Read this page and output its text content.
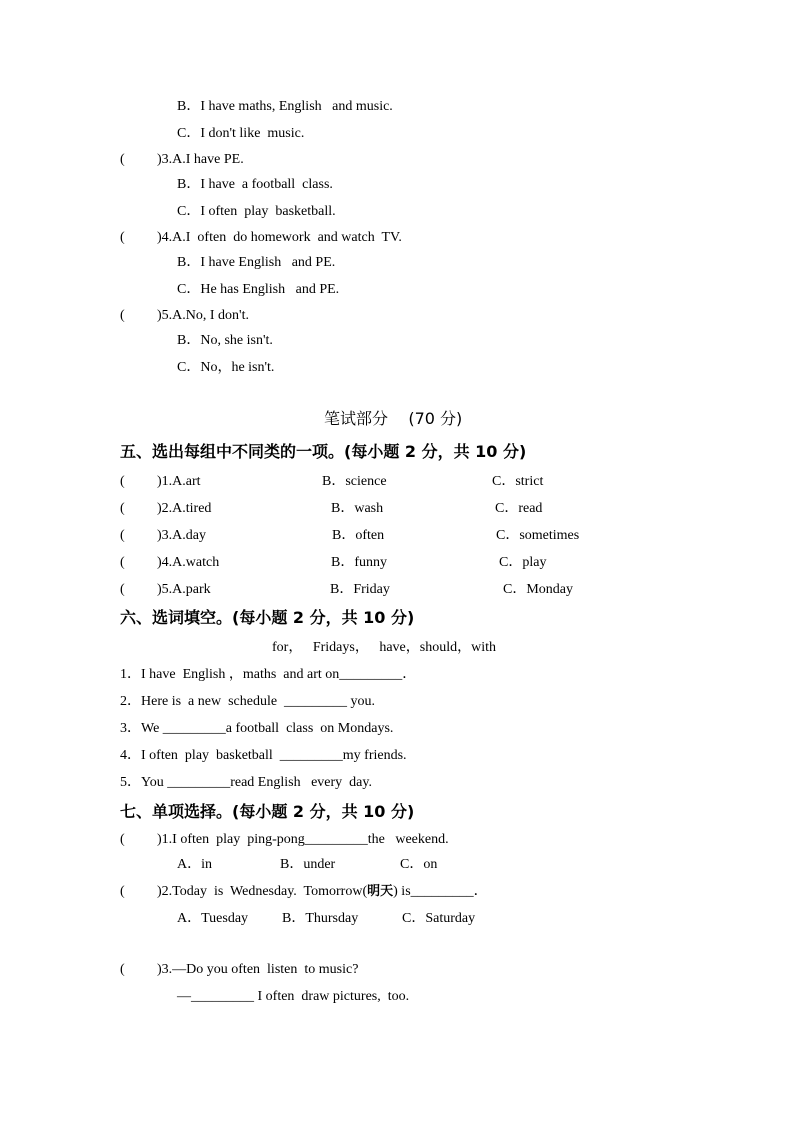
B．I have maths, English   and music.
C．I don't like  music.
( )3.A.I have PE.
B．I have  a football  class.
C．I often  play  basketball.
( )4.A.I  often  do homework  and watch  TV.
B．I have English   and PE.
C．He has English   and PE.
( )5.A.No, I don't.
B．No, she isn't.
C．No，he isn't.
笔试部分    (70 分)
五、选出每组中不同类的一项。(每小题 2 分，共 10 分)
( )1.A.art	B．science	C．strict
( )2.A.tired	B．wash	C．read
( )3.A.day	B．often	C．sometimes
( )4.A.watch	B．funny	C．play
( )5.A.park	B．Friday	C．Monday
六、选词填空。(每小题 2 分，共 10 分)
for，   Fridays，   have，should，with
1．I have  English ，maths  and art on_________．
2．Here is  a new  schedule  _________ you.
3．We _________a football  class  on Mondays.
4．I often  play  basketball  _________my friends.
5．You _________read English   every  day.
七、单项选择。(每小题 2 分，共 10 分)
( )1.I often  play  ping-pong_________the   weekend.
A．in	B．under	C．on
( )2.Today  is  Wednesday.  Tomorrow(明天) is_________．
A．Tuesday B．Thursday	C．Saturday
( )3.—Do you often  listen  to music?
—_________ I often  draw pictures,  too.
